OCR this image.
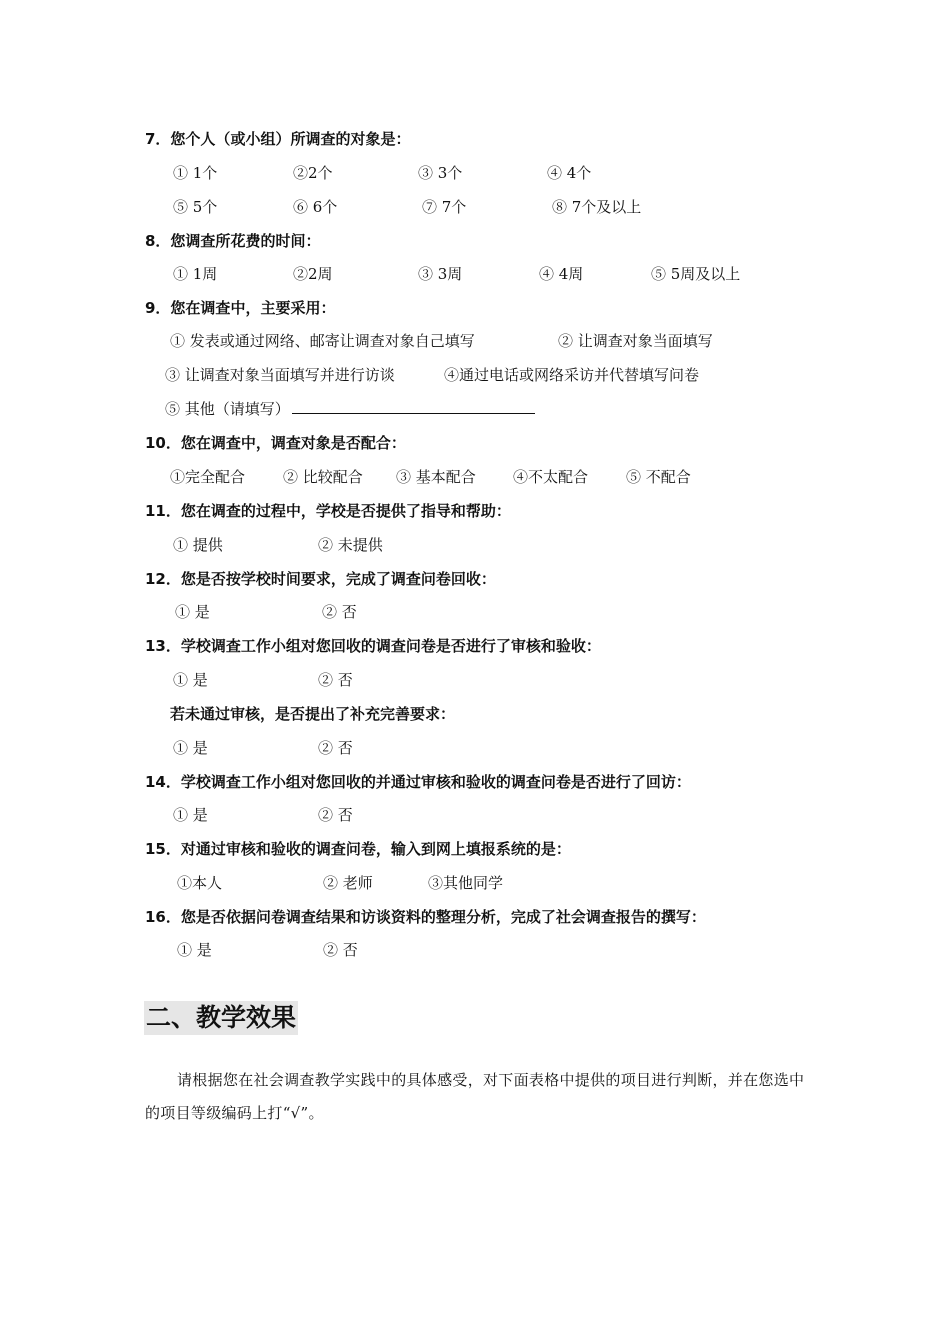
7．您个人（或小组）所调查的对象是：
① 1个	②2个	③ 3个	④ 4个
⑤ 5个	⑥ 6个	⑦ 7个	⑧ 7个及以上
8．您调查所花费的时间：
① 1周	②2周	③ 3周	④ 4周	⑤ 5周及以上
9．您在调查中，主要采用：
① 发表或通过网络、邮寄让调查对象自己填写	② 让调查对象当面填写
③ 让调查对象当面填写并进行访谈	④通过电话或网络采访并代替填写问卷
⑤ 其他（请填写）
10．您在调查中，调查对象是否配合：
①完全配合	② 比较配合 ③ 基本配合 ④不太配合	⑤ 不配合
11．您在调查的过程中，学校是否提供了指导和帮助：
① 提供	② 未提供
12．您是否按学校时间要求，完成了调查问卷回收：
① 是	② 否
13．学校调查工作小组对您回收的调查问卷是否进行了审核和验收：
① 是	② 否
若未通过审核，是否提出了补充完善要求：
① 是	② 否
14．学校调查工作小组对您回收的并通过审核和验收的调查问卷是否进行了回访：
① 是	② 否
15．对通过审核和验收的调查问卷，输入到网上填报系统的是：
①本人	② 老师	③其他同学
16．您是否依据问卷调查结果和访谈资料的整理分析，完成了社会调查报告的撰写：
① 是	② 否
二、教学效果
请根据您在社会调查教学实践中的具体感受，对下面表格中提供的项目进行判断，并在您选中的项目等级编码上打“√”。
